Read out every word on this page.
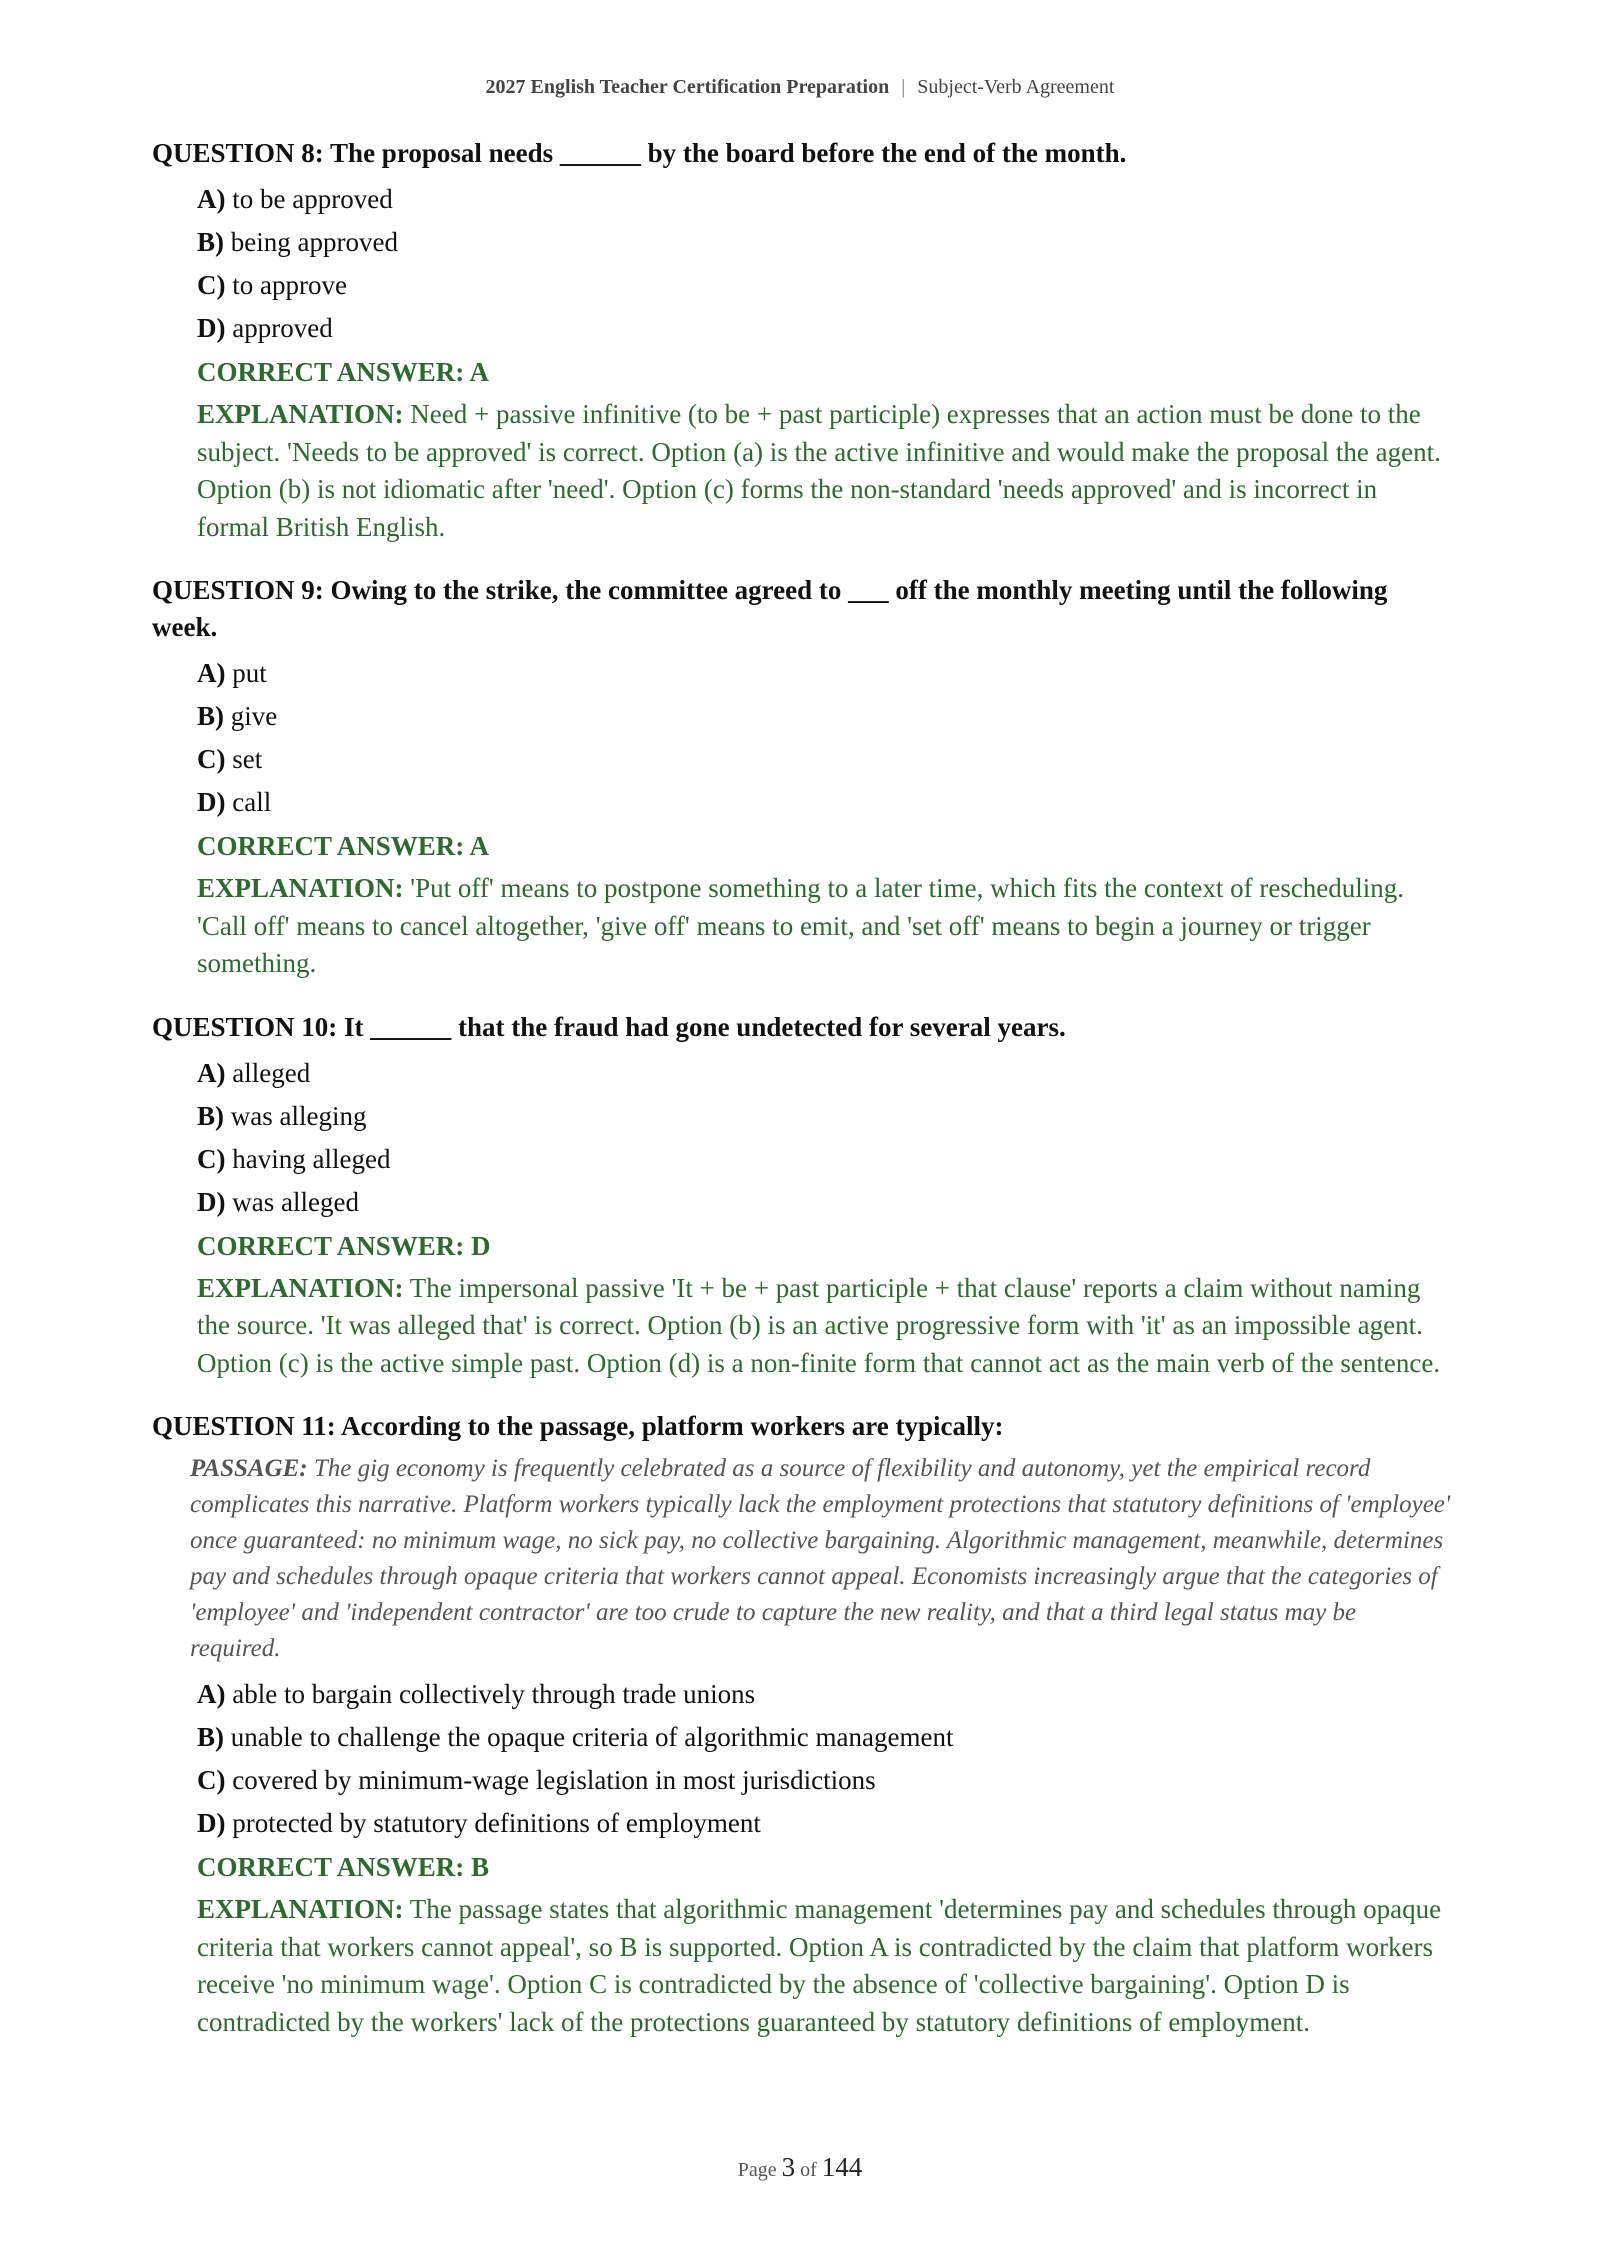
2027 English Teacher Certification Preparation | Subject-Verb Agreement
QUESTION 8: The proposal needs ______ by the board before the end of the month.
A) to be approved
B) being approved
C) to approve
D) approved
CORRECT ANSWER: A
EXPLANATION: Need + passive infinitive (to be + past participle) expresses that an action must be done to the subject. 'Needs to be approved' is correct. Option (a) is the active infinitive and would make the proposal the agent. Option (b) is not idiomatic after 'need'. Option (c) forms the non-standard 'needs approved' and is incorrect in formal British English.
QUESTION 9: Owing to the strike, the committee agreed to ___ off the monthly meeting until the following week.
A) put
B) give
C) set
D) call
CORRECT ANSWER: A
EXPLANATION: 'Put off' means to postpone something to a later time, which fits the context of rescheduling. 'Call off' means to cancel altogether, 'give off' means to emit, and 'set off' means to begin a journey or trigger something.
QUESTION 10: It ______ that the fraud had gone undetected for several years.
A) alleged
B) was alleging
C) having alleged
D) was alleged
CORRECT ANSWER: D
EXPLANATION: The impersonal passive 'It + be + past participle + that clause' reports a claim without naming the source. 'It was alleged that' is correct. Option (b) is an active progressive form with 'it' as an impossible agent. Option (c) is the active simple past. Option (d) is a non-finite form that cannot act as the main verb of the sentence.
QUESTION 11: According to the passage, platform workers are typically:
PASSAGE: The gig economy is frequently celebrated as a source of flexibility and autonomy, yet the empirical record complicates this narrative. Platform workers typically lack the employment protections that statutory definitions of 'employee' once guaranteed: no minimum wage, no sick pay, no collective bargaining. Algorithmic management, meanwhile, determines pay and schedules through opaque criteria that workers cannot appeal. Economists increasingly argue that the categories of 'employee' and 'independent contractor' are too crude to capture the new reality, and that a third legal status may be required.
A) able to bargain collectively through trade unions
B) unable to challenge the opaque criteria of algorithmic management
C) covered by minimum-wage legislation in most jurisdictions
D) protected by statutory definitions of employment
CORRECT ANSWER: B
EXPLANATION: The passage states that algorithmic management 'determines pay and schedules through opaque criteria that workers cannot appeal', so B is supported. Option A is contradicted by the claim that platform workers receive 'no minimum wage'. Option C is contradicted by the absence of 'collective bargaining'. Option D is contradicted by the workers' lack of the protections guaranteed by statutory definitions of employment.
Page 3 of 144
